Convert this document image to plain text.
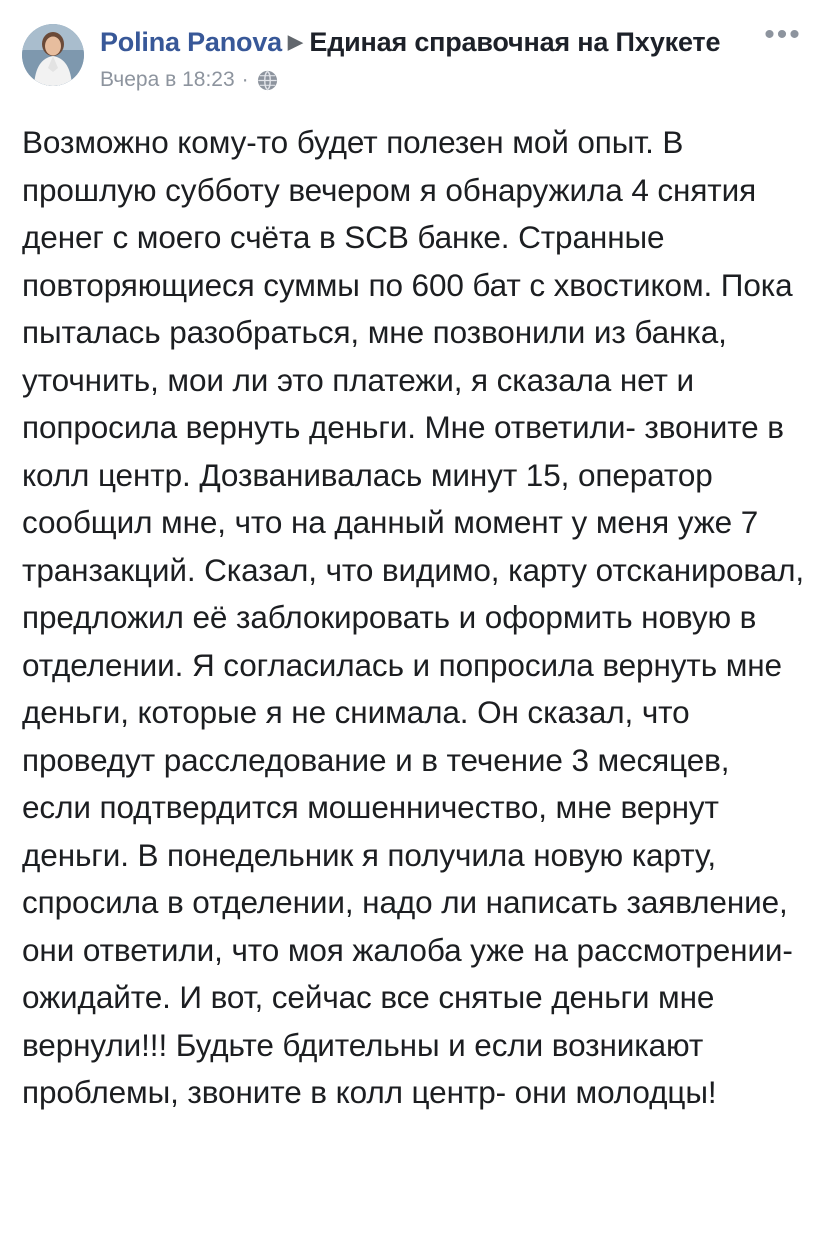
Polina Panova ▶ Единая справочная на Пхукете
Вчера в 18:23 ·
•••
Возможно кому-то будет полезен мой опыт. В прошлую субботу вечером я обнаружила 4 снятия денег с моего счёта в SCB банке. Странные повторяющиеся суммы по 600 бат с хвостиком. Пока пыталась разобраться, мне позвонили из банка, уточнить, мои ли это платежи, я сказала нет и попросила вернуть деньги. Мне ответили- звоните в колл центр. Дозванивалась минут 15, оператор сообщил мне, что на данный момент у меня уже 7 транзакций. Сказал, что видимо, карту отсканировал, предложил её заблокировать и оформить новую в отделении. Я согласилась и попросила вернуть мне деньги, которые я не снимала. Он сказал, что проведут расследование и в течение 3 месяцев, если подтвердится мошенничество, мне вернут деньги. В понедельник я получила новую карту, спросила в отделении, надо ли написать заявление, они ответили, что моя жалоба уже на рассмотрении- ожидайте. И вот, сейчас все снятые деньги мне вернули!!! Будьте бдительны и если возникают проблемы, звоните в колл центр- они молодцы!
